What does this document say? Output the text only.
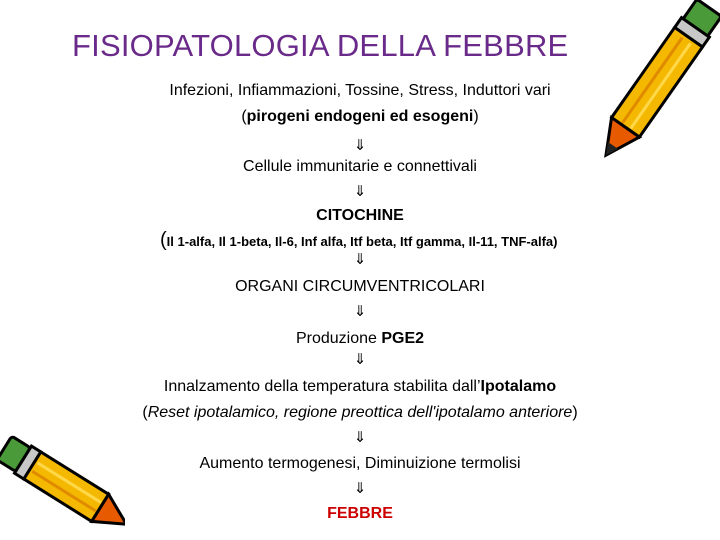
FISIOPATOLOGIA DELLA FEBBRE
Infezioni, Infiammazioni, Tossine, Stress, Induttori vari
(pirogeni endogeni ed esogeni)
⇓
Cellule immunitarie e connettivali
⇓
CITOCHINE
(Il 1-alfa, Il 1-beta, Il-6, Inf alfa, Itf beta, Itf gamma, Il-11, TNF-alfa)
⇓
ORGANI CIRCUMVENTRICOLARI
⇓
Produzione PGE2
⇓
Innalzamento della temperatura stabilita dall’Ipotalamo
(Reset ipotalamico, regione preottica dell'ipotalamo anteriore)
⇓
Aumento termogenesi, Diminuizione termolisi
⇓
FEBBRE
